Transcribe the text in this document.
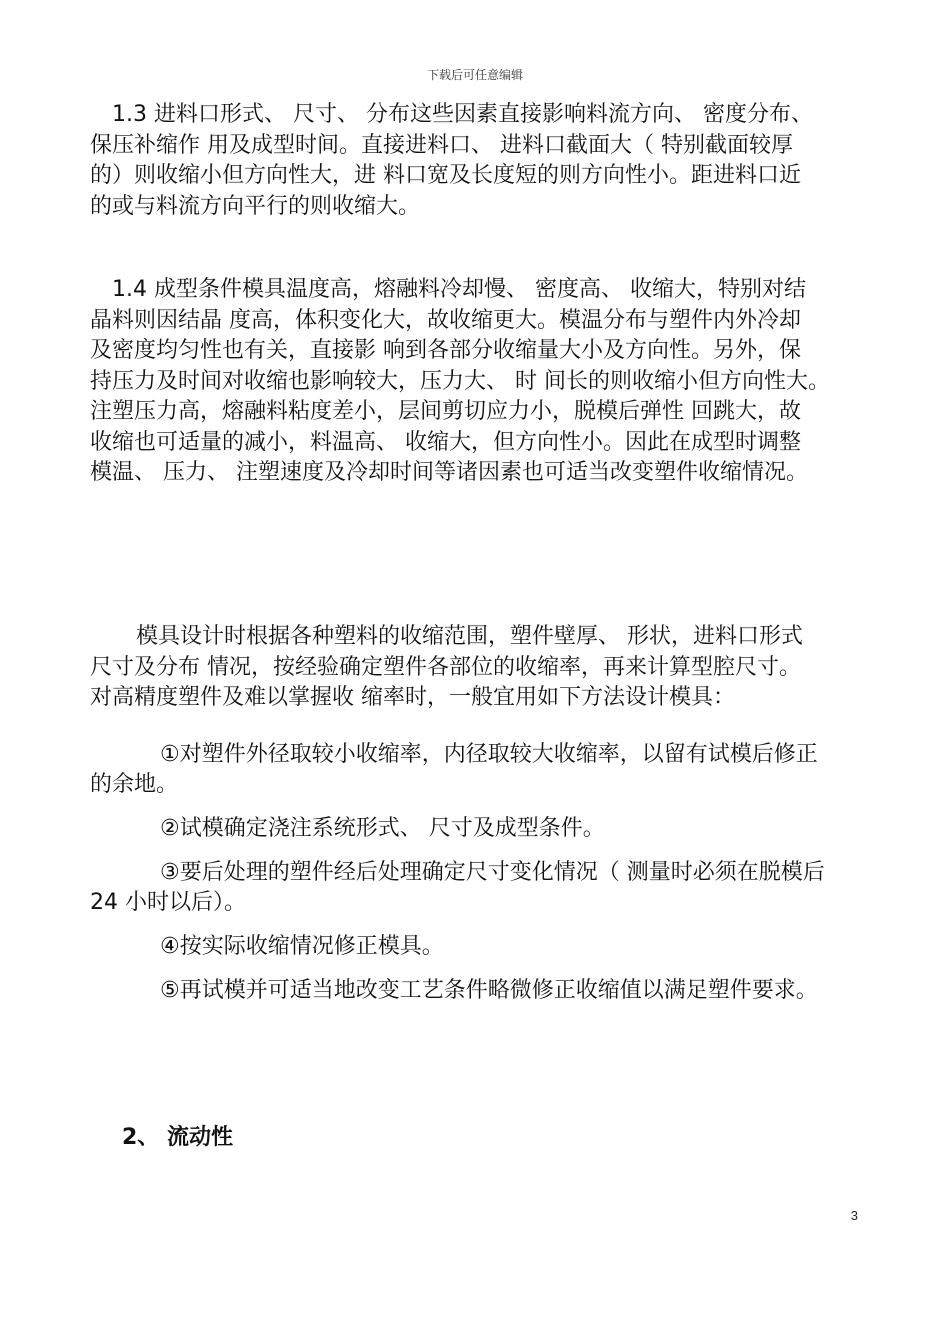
下载后可任意编辑
1.3 进料口形式、 尺寸、 分布这些因素直接影响料流方向、 密度分布、
保压补缩作 用及成型时间。直接进料口、 进料口截面大（ 特别截面较厚
的）则收缩小但方向性大，进 料口宽及长度短的则方向性小。距进料口近
的或与料流方向平行的则收缩大。
1.4 成型条件模具温度高，熔融料冷却慢、 密度高、 收缩大，特别对结
晶料则因结晶 度高，体积变化大，故收缩更大。模温分布与塑件内外冷却
及密度均匀性也有关，直接影 响到各部分收缩量大小及方向性。另外，保
持压力及时间对收缩也影响较大，压力大、 时 间长的则收缩小但方向性大。
注塑压力高，熔融料粘度差小，层间剪切应力小，脱模后弹性 回跳大，故
收缩也可适量的减小，料温高、 收缩大，但方向性小。因此在成型时调整
模温、 压力、 注塑速度及冷却时间等诸因素也可适当改变塑件收缩情况。
模具设计时根据各种塑料的收缩范围，塑件壁厚、 形状，进料口形式
尺寸及分布 情况，按经验确定塑件各部位的收缩率，再来计算型腔尺寸。
对高精度塑件及难以掌握收 缩率时，一般宜用如下方法设计模具：
①对塑件外径取较小收缩率，内径取较大收缩率，以留有试模后修正
的余地。
②试模确定浇注系统形式、 尺寸及成型条件。
③要后处理的塑件经后处理确定尺寸变化情况（ 测量时必须在脱模后
24 小时以后）。
④按实际收缩情况修正模具。
⑤再试模并可适当地改变工艺条件略微修正收缩值以满足塑件要求。
2、 流动性
3
